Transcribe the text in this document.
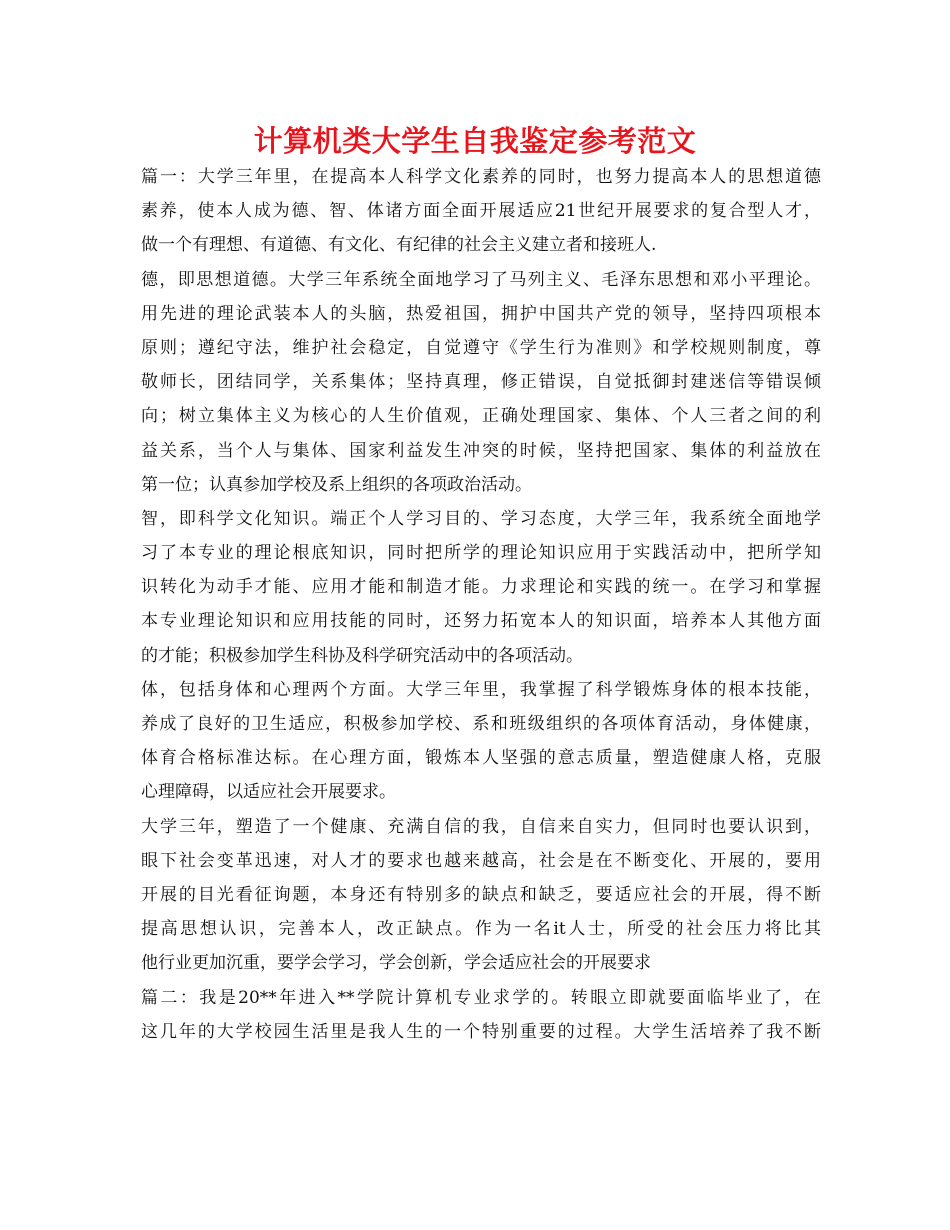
计算机类大学生自我鉴定参考范文
篇一：大学三年里，在提高本人科学文化素养的同时，也努力提高本人的思想道德
素养，使本人成为德、智、体诸方面全面开展适应21世纪开展要求的复合型人才，
做一个有理想、有道德、有文化、有纪律的社会主义建立者和接班人.
德，即思想道德。大学三年系统全面地学习了马列主义、毛泽东思想和邓小平理论。
用先进的理论武装本人的头脑，热爱祖国，拥护中国共产党的领导，坚持四项根本
原则；遵纪守法，维护社会稳定，自觉遵守《学生行为准则》和学校规则制度，尊
敬师长，团结同学，关系集体；坚持真理，修正错误，自觉抵御封建迷信等错误倾
向；树立集体主义为核心的人生价值观，正确处理国家、集体、个人三者之间的利
益关系，当个人与集体、国家利益发生冲突的时候，坚持把国家、集体的利益放在
第一位；认真参加学校及系上组织的各项政治活动。
智，即科学文化知识。端正个人学习目的、学习态度，大学三年，我系统全面地学
习了本专业的理论根底知识，同时把所学的理论知识应用于实践活动中，把所学知
识转化为动手才能、应用才能和制造才能。力求理论和实践的统一。在学习和掌握
本专业理论知识和应用技能的同时，还努力拓宽本人的知识面，培养本人其他方面
的才能；积极参加学生科协及科学研究活动中的各项活动。
体，包括身体和心理两个方面。大学三年里，我掌握了科学锻炼身体的根本技能，
养成了良好的卫生适应，积极参加学校、系和班级组织的各项体育活动，身体健康，
体育合格标准达标。在心理方面，锻炼本人坚强的意志质量，塑造健康人格，克服
心理障碍，以适应社会开展要求。
大学三年，塑造了一个健康、充满自信的我，自信来自实力，但同时也要认识到，
眼下社会变革迅速，对人才的要求也越来越高，社会是在不断变化、开展的，要用
开展的目光看征询题，本身还有特别多的缺点和缺乏，要适应社会的开展，得不断
提高思想认识，完善本人，改正缺点。作为一名it人士，所受的社会压力将比其
他行业更加沉重，要学会学习，学会创新，学会适应社会的开展要求
篇二：我是20**年进入**学院计算机专业求学的。转眼立即就要面临毕业了，在
这几年的大学校园生活里是我人生的一个特别重要的过程。大学生活培养了我不断
